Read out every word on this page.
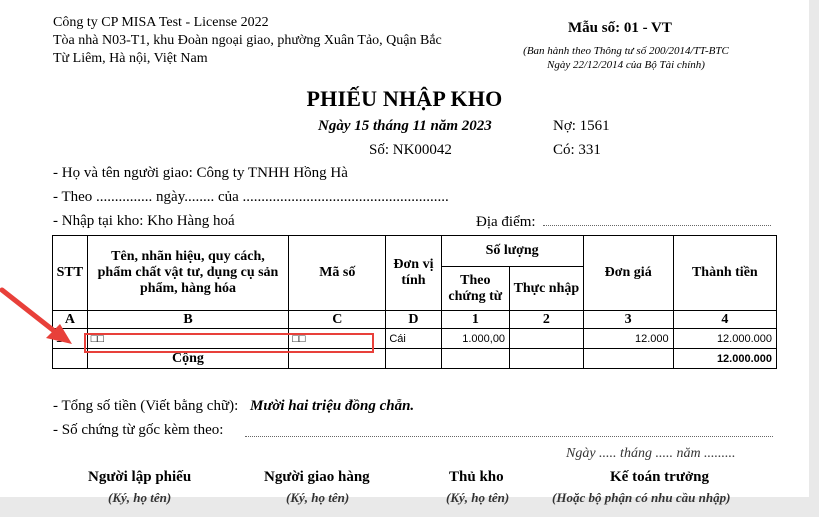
Công ty CP MISA Test - License 2022
Tòa nhà N03-T1, khu Đoàn ngoại giao, phường Xuân Tảo, Quận Bắc
Từ Liêm, Hà nội, Việt Nam
Mẫu số: 01 - VT
(Ban hành theo Thông tư số 200/2014/TT-BTC
Ngày 22/12/2014 của Bộ Tài chính)
PHIẾU NHẬP KHO
Ngày 15 tháng 11 năm 2023	Nợ: 1561
Số: NK00042	Có: 331
- Họ và tên người giao: Công ty TNHH Hồng Hà
- Theo ............... ngày........ của .......................................................
- Nhập tại kho: Kho Hàng hoá	Địa điểm:
STT	Tên, nhãn hiệu, quy cách, phẩm chất vật tư, dụng cụ sản phẩm, hàng hóa	Mã số	Đơn vị tính	Số lượng		Đơn giá	Thành tiền
				Theo chứng từ	Thực nhập		
A	B	C	D	1	2	3	4
	□□	□□	Cái	1.000,00		12.000	12.000.000
	Cộng						12.000.000
- Tổng số tiền (Viết bằng chữ): Mười hai triệu đồng chẵn.
- Số chứng từ gốc kèm theo:
Ngày ..... tháng ..... năm .........
Người lập phiếu	Người giao hàng	Thủ kho	Kế toán trưởng
(Ký, họ tên)	(Ký, họ tên)	(Ký, họ tên)	(Hoặc bộ phận có nhu cầu nhập)
